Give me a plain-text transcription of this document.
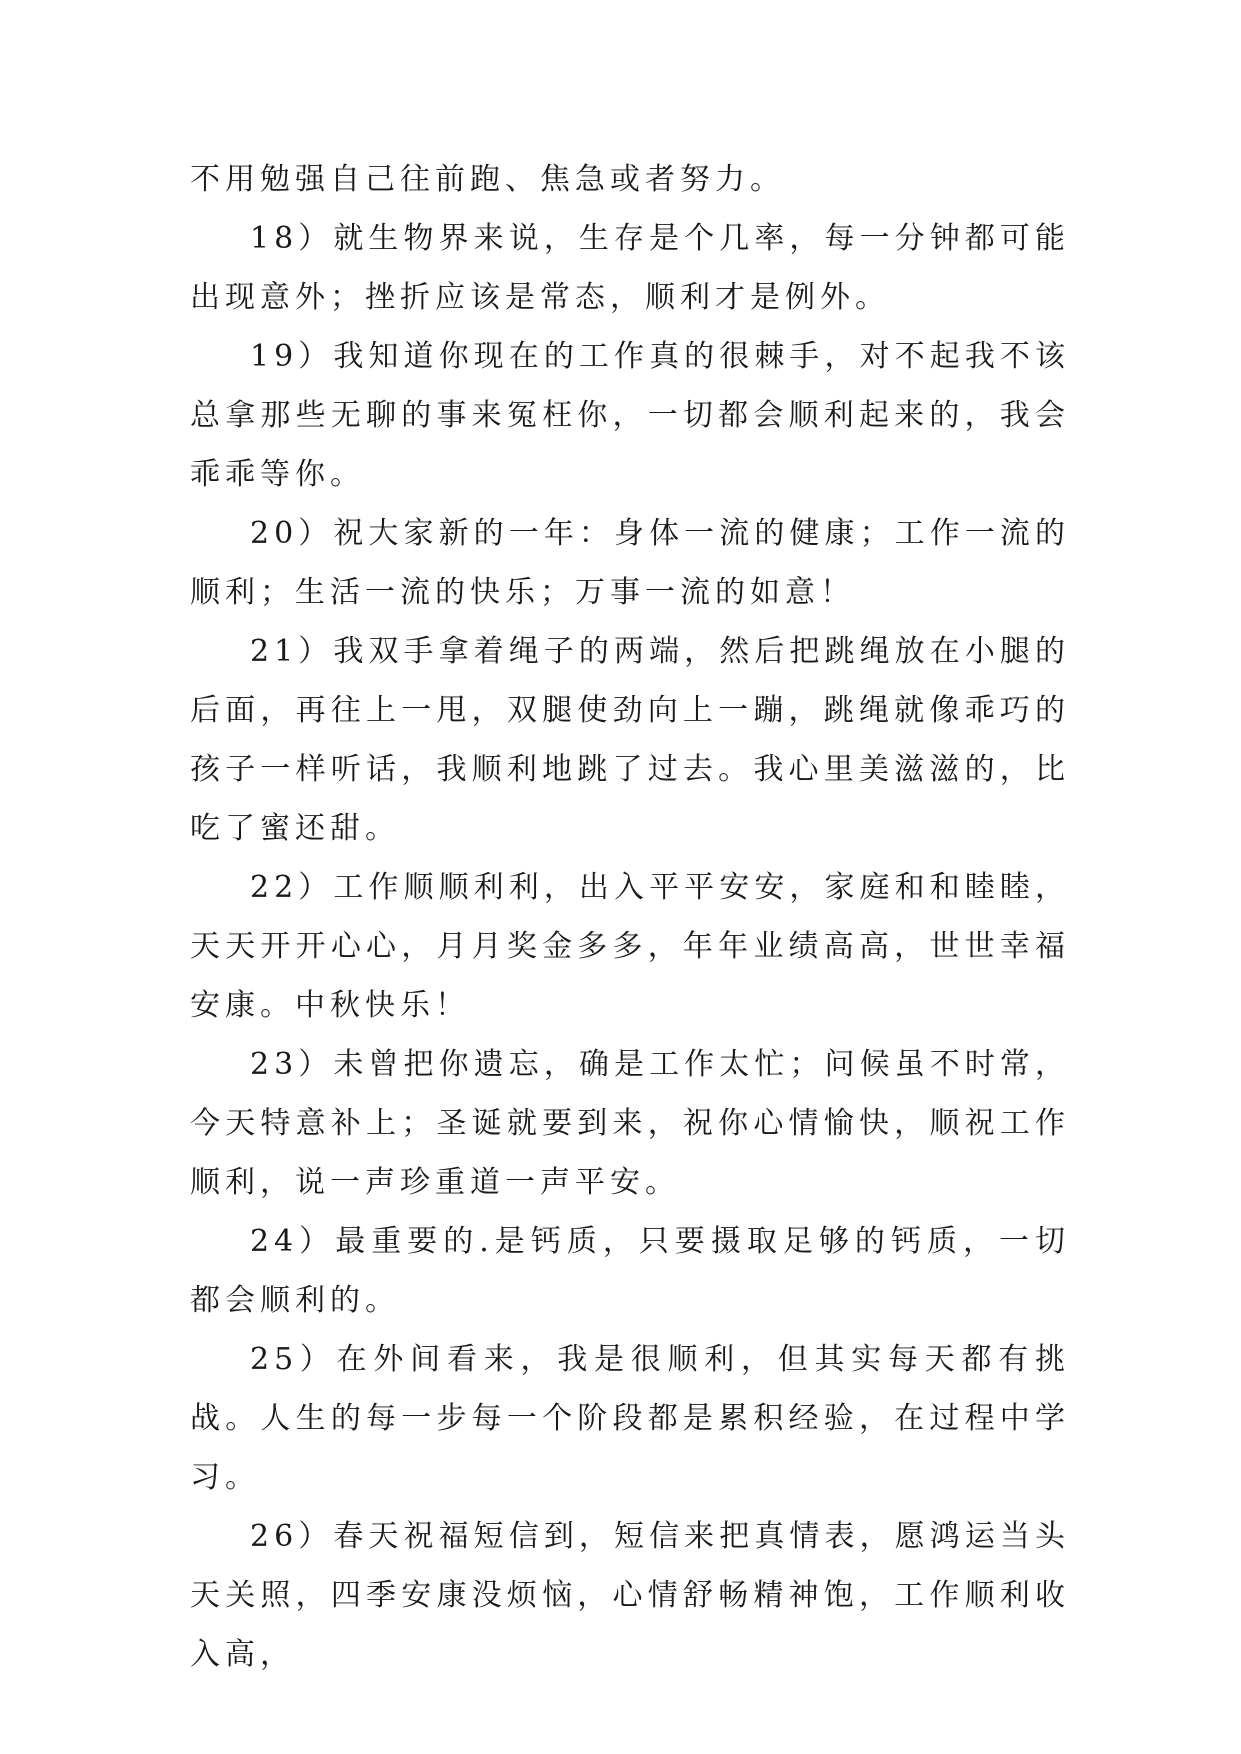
不用勉强自己往前跑、焦急或者努力。

18）就生物界来说，生存是个几率，每一分钟都可能出现意外；挫折应该是常态，顺利才是例外。

19）我知道你现在的工作真的很棘手，对不起我不该总拿那些无聊的事来冤枉你，一切都会顺利起来的，我会乖乖等你。

20）祝大家新的一年：身体一流的健康；工作一流的顺利；生活一流的快乐；万事一流的如意！

21）我双手拿着绳子的两端，然后把跳绳放在小腿的后面，再往上一甩，双腿使劲向上一蹦，跳绳就像乖巧的孩子一样听话，我顺利地跳了过去。我心里美滋滋的，比吃了蜜还甜。

22）工作顺顺利利，出入平平安安，家庭和和睦睦，天天开开心心，月月奖金多多，年年业绩高高，世世幸福安康。中秋快乐！

23）未曾把你遗忘，确是工作太忙；问候虽不时常，今天特意补上；圣诞就要到来，祝你心情愉快，顺祝工作顺利，说一声珍重道一声平安。

24）最重要的.是钙质，只要摄取足够的钙质，一切都会顺利的。

25）在外间看来，我是很顺利，但其实每天都有挑战。人生的每一步每一个阶段都是累积经验，在过程中学习。

26）春天祝福短信到，短信来把真情表，愿鸿运当头天关照，四季安康没烦恼，心情舒畅精神饱，工作顺利收入高，
